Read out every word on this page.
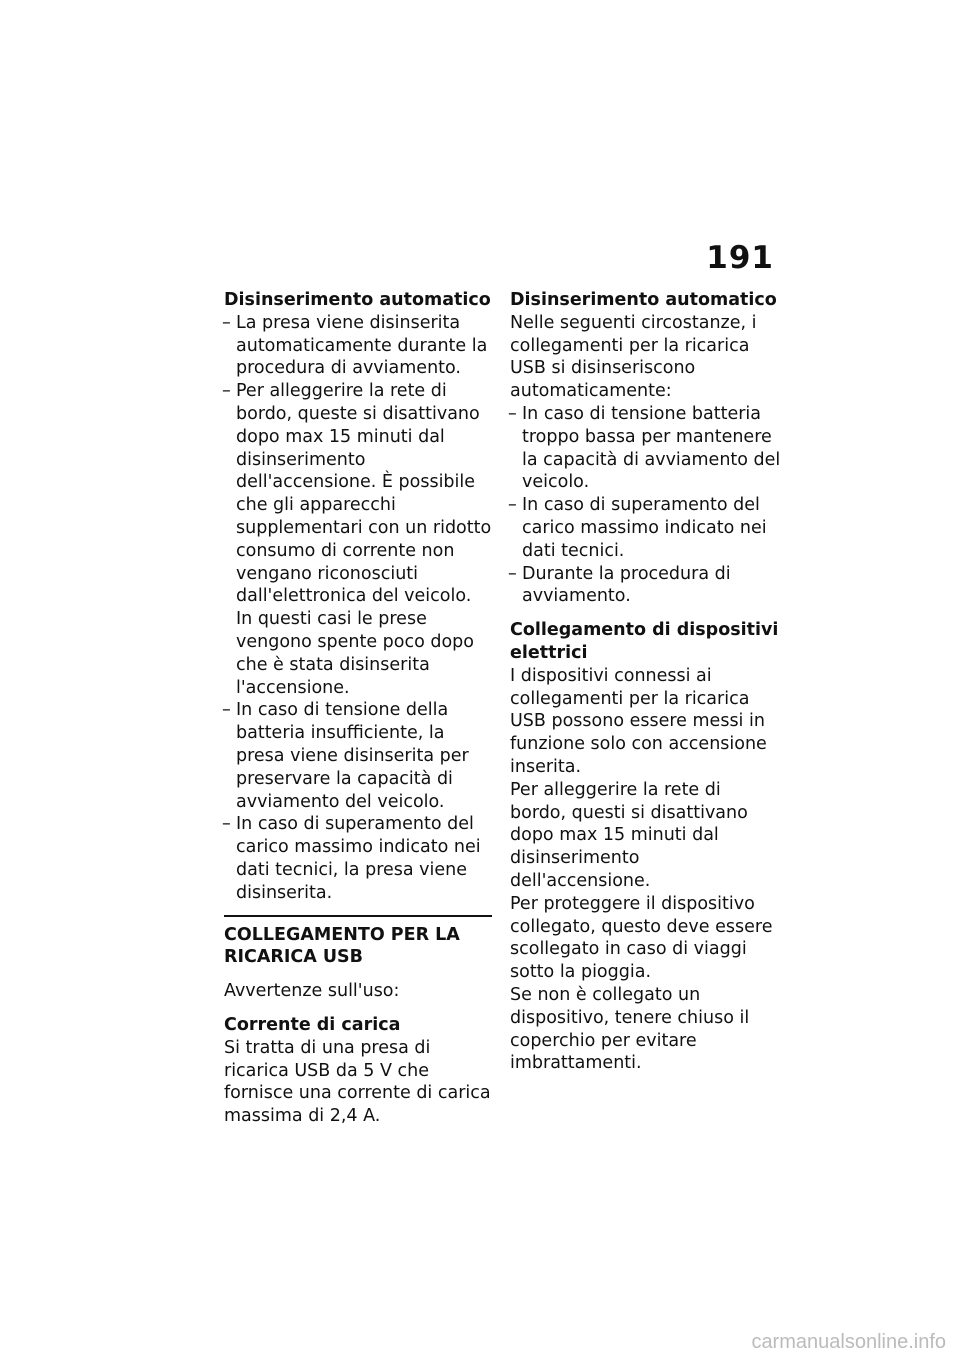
191

Disinserimento automatico

– La presa viene disinserita automaticamente durante la procedura di avviamento.
– Per alleggerire la rete di bordo, queste si disattivano dopo max 15 minuti dal disinserimento dell'accensione. È possibile che gli apparecchi supplementari con un ridotto consumo di corrente non vengano riconosciuti dall'elettronica del veicolo. In questi casi le prese vengono spente poco dopo che è stata disinserita l'accensione.
– In caso di tensione della batteria insufficiente, la presa viene disinserita per preservare la capacità di avviamento del veicolo.
– In caso di superamento del carico massimo indicato nei dati tecnici, la presa viene disinserita.

COLLEGAMENTO PER LA RICARICA USB

Avvertenze sull'uso:

Corrente di carica

Si tratta di una presa di ricarica USB da 5 V che fornisce una corrente di carica massima di 2,4 A.

Disinserimento automatico

Nelle seguenti circostanze, i collegamenti per la ricarica USB si disinseriscono automaticamente:

– In caso di tensione batteria troppo bassa per mantenere la capacità di avviamento del veicolo.
– In caso di superamento del carico massimo indicato nei dati tecnici.
– Durante la procedura di avviamento.

Collegamento di dispositivi elettrici

I dispositivi connessi ai collegamenti per la ricarica USB possono essere messi in funzione solo con accensione inserita.

Per alleggerire la rete di bordo, questi si disattivano dopo max 15 minuti dal disinserimento dell'accensione.

Per proteggere il dispositivo collegato, questo deve essere scollegato in caso di viaggi sotto la pioggia.

Se non è collegato un dispositivo, tenere chiuso il coperchio per evitare imbrattamenti.

carmanualsonline.info
